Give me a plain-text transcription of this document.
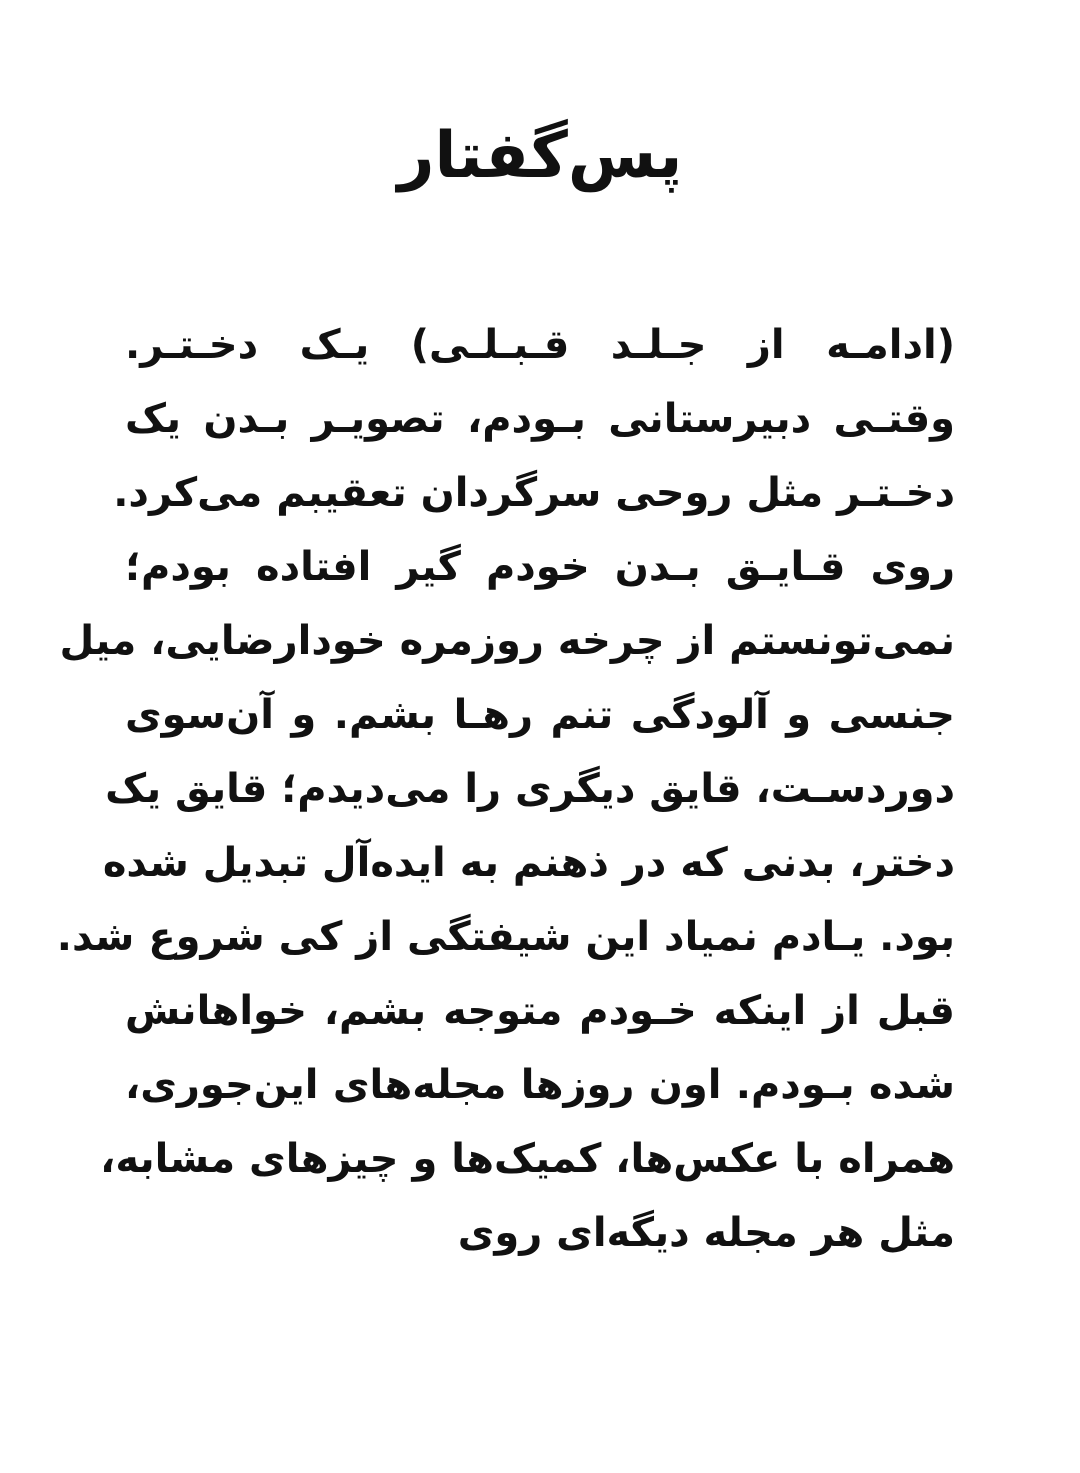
پس‌گفتار
(ادامـه از جـلـد قـبـلـی) یـک دخـتـر.
وقتـی دبیرستانی بـودم، تصویـر بـدن یک
دخـتـر مثل روحی سرگردان تعقیبم می‌کرد.
روی قـایـق بـدن خودم گیر افتاده بودم؛
نمی‌تونستم از چرخه روزمره خودارضایی، میل
جنسی و آلودگی تنم رهـا بشم. و آن‌سوی
دوردسـت، قایق دیگری را می‌دیدم؛ قایق یک
دختر، بدنی که در ذهنم به ایده‌آل تبدیل شده
بود. یـادم نمیاد این شیفتگی از کی شروع شد.
قبل از اینکه خـودم متوجه بشم، خواهانش
شده بـودم. اون روزها مجله‌های این‌جوری،
همراه با عکس‌ها، کمیک‌ها و چیزهای مشابه،
مثل هر مجله دیگه‌ای روی
